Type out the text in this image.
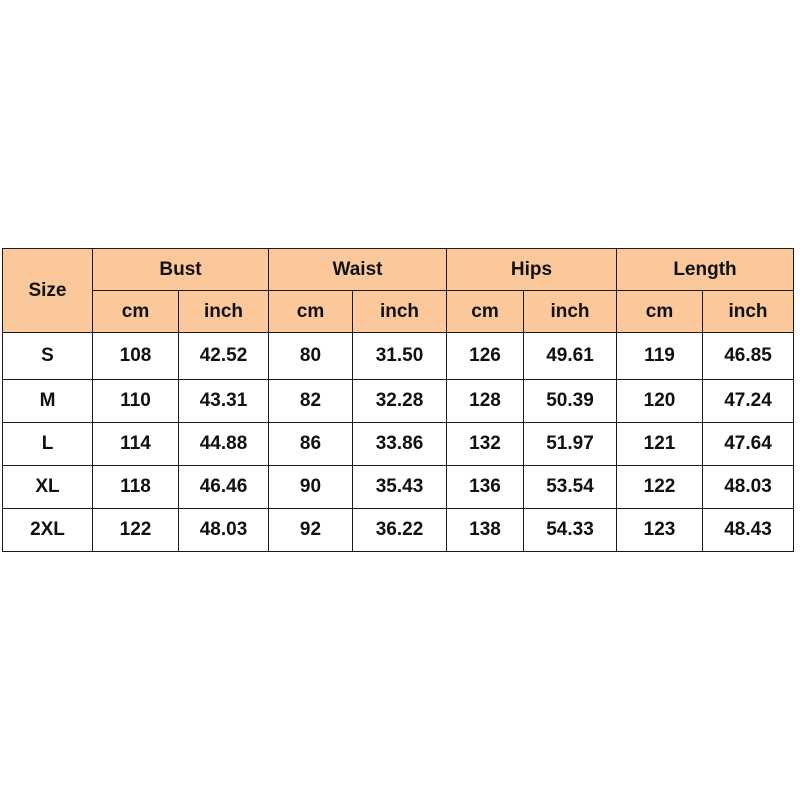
Size	Bust		Waist		Hips		Length	
	cm	inch	cm	inch	cm	inch	cm	inch
S	108	42.52	80	31.50	126	49.61	119	46.85
M	110	43.31	82	32.28	128	50.39	120	47.24
L	114	44.88	86	33.86	132	51.97	121	47.64
XL	118	46.46	90	35.43	136	53.54	122	48.03
2XL	122	48.03	92	36.22	138	54.33	123	48.43
